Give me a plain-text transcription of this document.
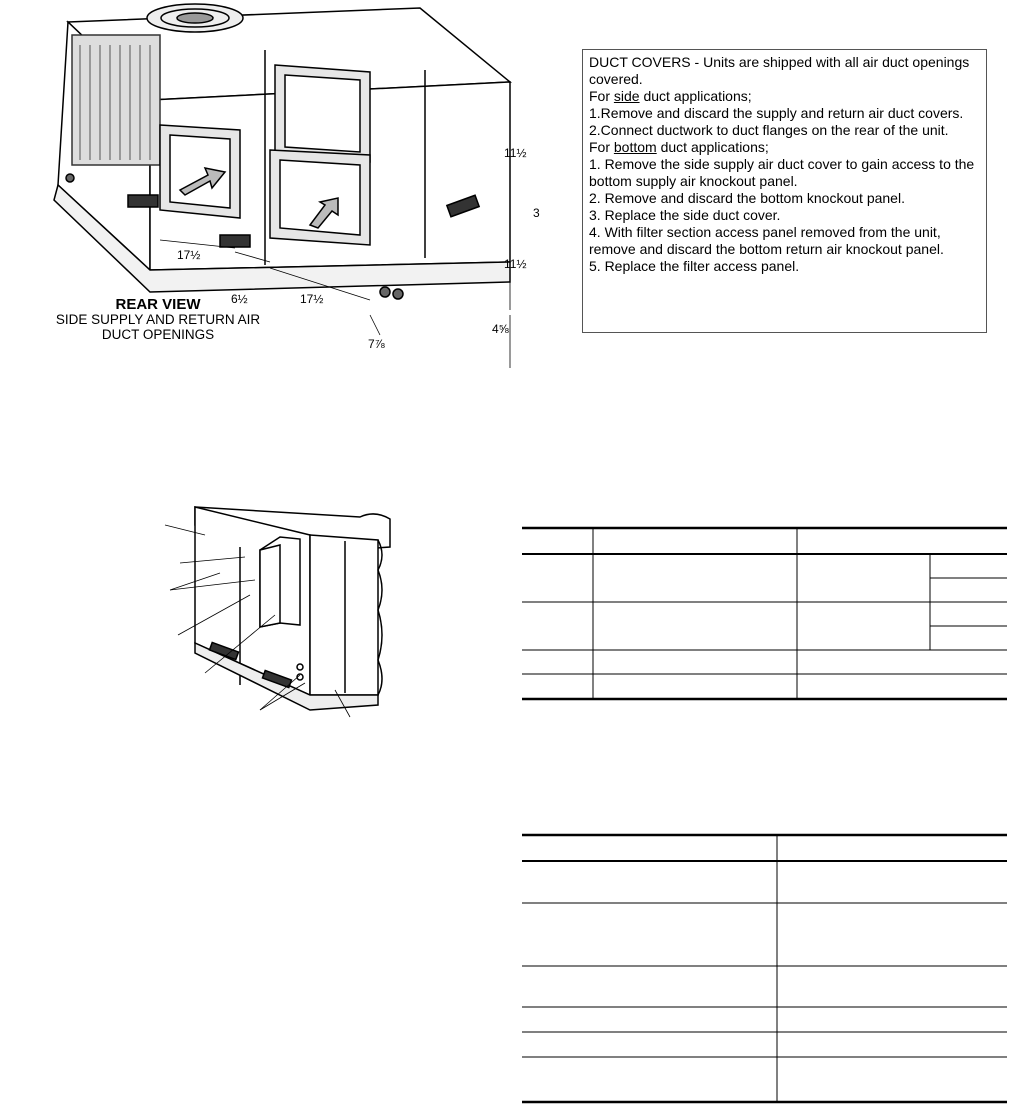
11½
3
11½
17½
6½	17½
4⅝
7⅞
REAR VIEW
SIDE SUPPLY AND RETURN AIR
DUCT OPENINGS
DUCT COVERS - Units are shipped with all air duct openings covered.
For side duct applications;
1.Remove and discard the supply and return air duct covers.
2.Connect ductwork to duct flanges on the rear of the unit.
For bottom duct applications;
1. Remove the side supply air duct cover to gain access to the bottom supply air knockout panel.
2. Remove and discard the bottom knockout panel.
3. Replace the side duct cover.
4. With filter section access panel removed from the unit, remove and discard the bottom return air knockout panel.
5. Replace the filter access panel.
